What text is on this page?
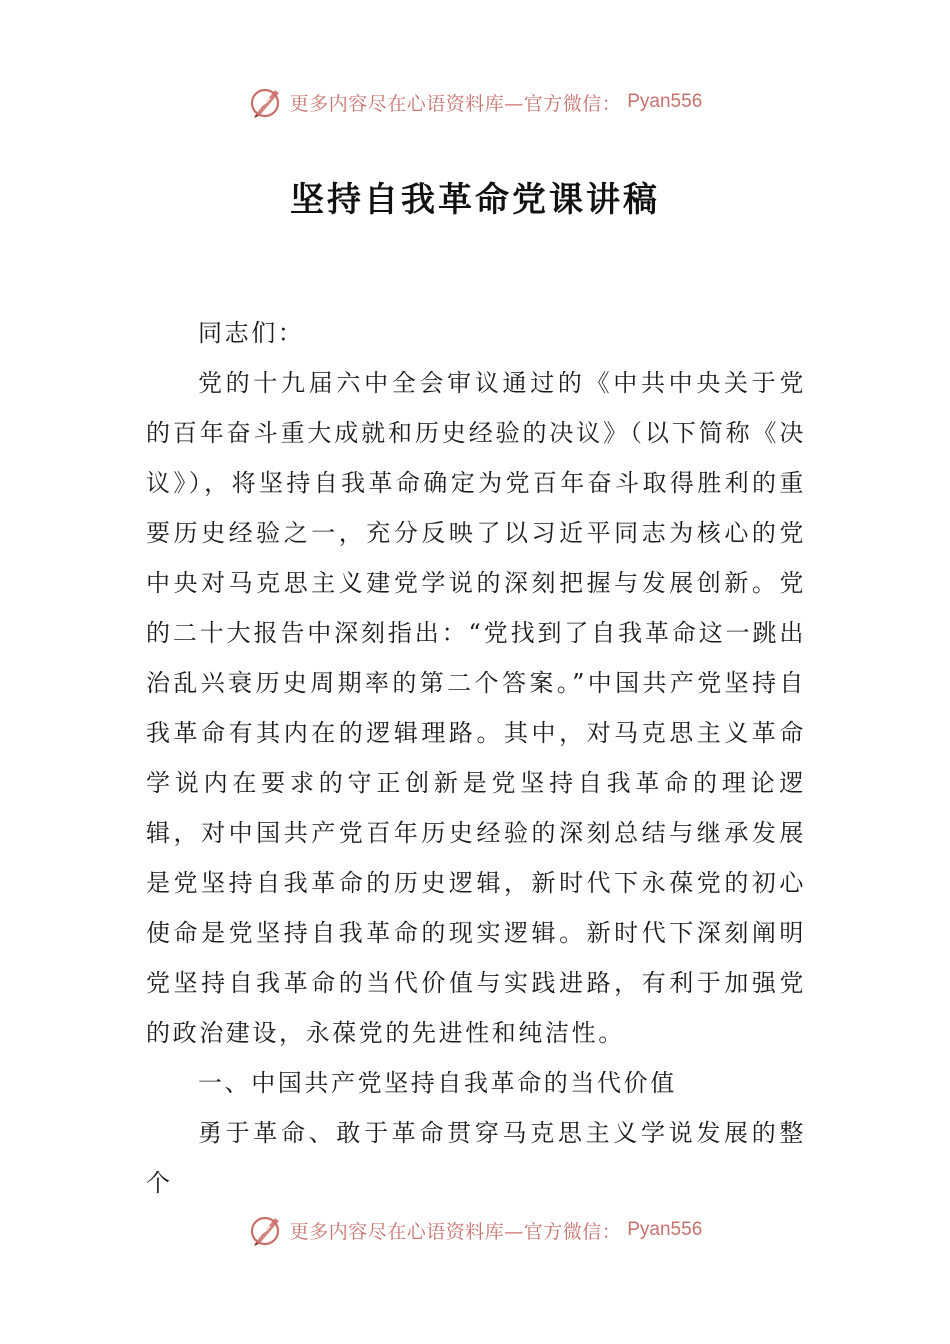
更多内容尽在心语资料库—官方微信： Pyan556
坚持自我革命党课讲稿

同志们：

党的十九届六中全会审议通过的《中共中央关于党的百年奋斗重大成就和历史经验的决议》（以下简称《决议》），将坚持自我革命确定为党百年奋斗取得胜利的重要历史经验之一，充分反映了以习近平同志为核心的党中央对马克思主义建党学说的深刻把握与发展创新。党的二十大报告中深刻指出：“党找到了自我革命这一跳出治乱兴衰历史周期率的第二个答案。”中国共产党坚持自我革命有其内在的逻辑理路。其中，对马克思主义革命学说内在要求的守正创新是党坚持自我革命的理论逻辑，对中国共产党百年历史经验的深刻总结与继承发展是党坚持自我革命的历史逻辑，新时代下永葆党的初心使命是党坚持自我革命的现实逻辑。新时代下深刻阐明党坚持自我革命的当代价值与实践进路，有利于加强党的政治建设，永葆党的先进性和纯洁性。

一、中国共产党坚持自我革命的当代价值

勇于革命、敢于革命贯穿马克思主义学说发展的整个

更多内容尽在心语资料库—官方微信： Pyan556
